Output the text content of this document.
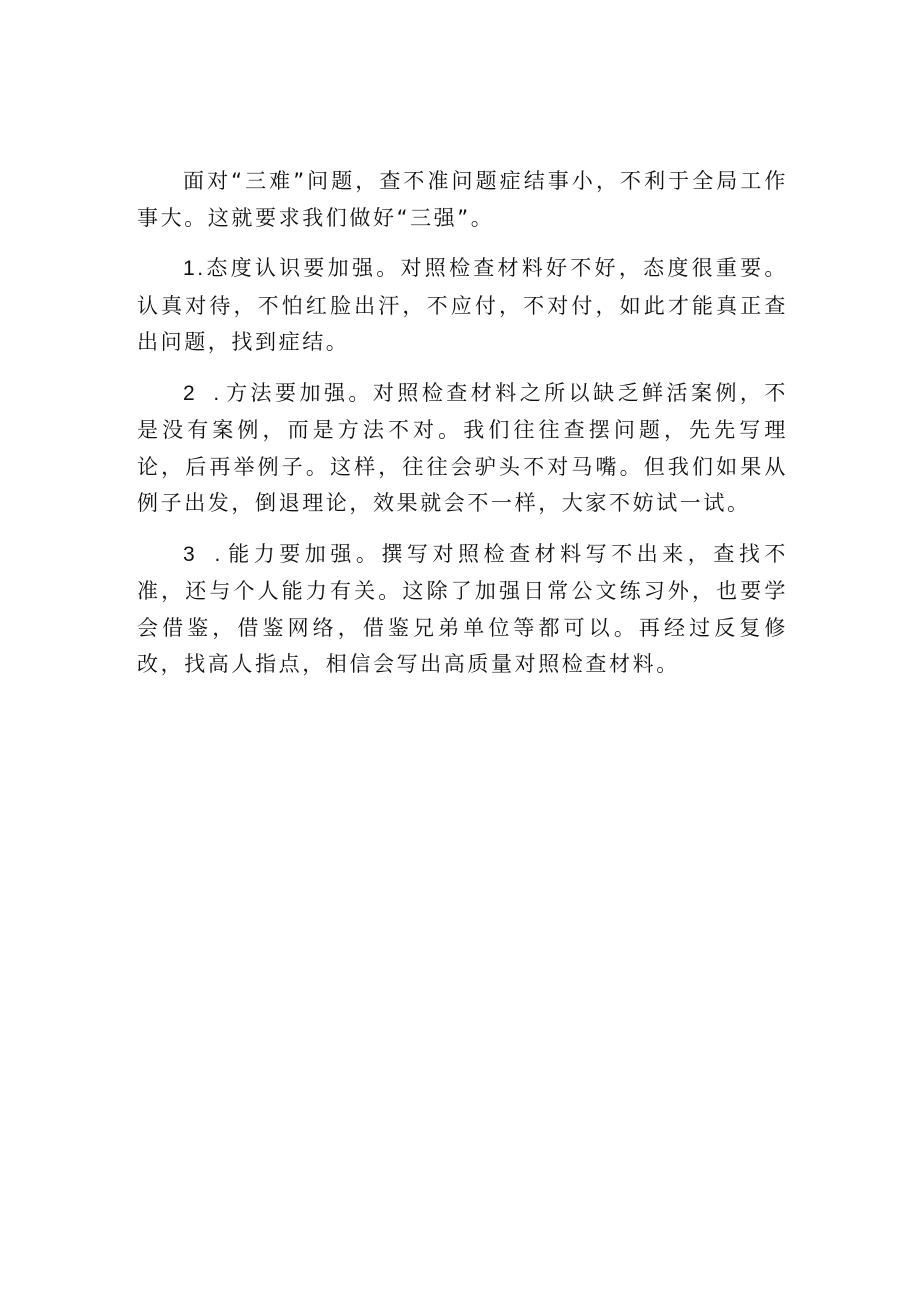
面对“三难”问题，查不准问题症结事小，不利于全局工作事大。这就要求我们做好“三强”。

1.态度认识要加强。对照检查材料好不好，态度很重要。认真对待，不怕红脸出汗，不应付，不对付，如此才能真正查出问题，找到症结。

2 .方法要加强。对照检查材料之所以缺乏鲜活案例，不是没有案例，而是方法不对。我们往往查摆问题，先先写理论，后再举例子。这样，往往会驴头不对马嘴。但我们如果从例子出发，倒退理论，效果就会不一样，大家不妨试一试。

3 .能力要加强。撰写对照检查材料写不出来，查找不准，还与个人能力有关。这除了加强日常公文练习外，也要学会借鉴，借鉴网络，借鉴兄弟单位等都可以。再经过反复修改，找高人指点，相信会写出高质量对照检查材料。
